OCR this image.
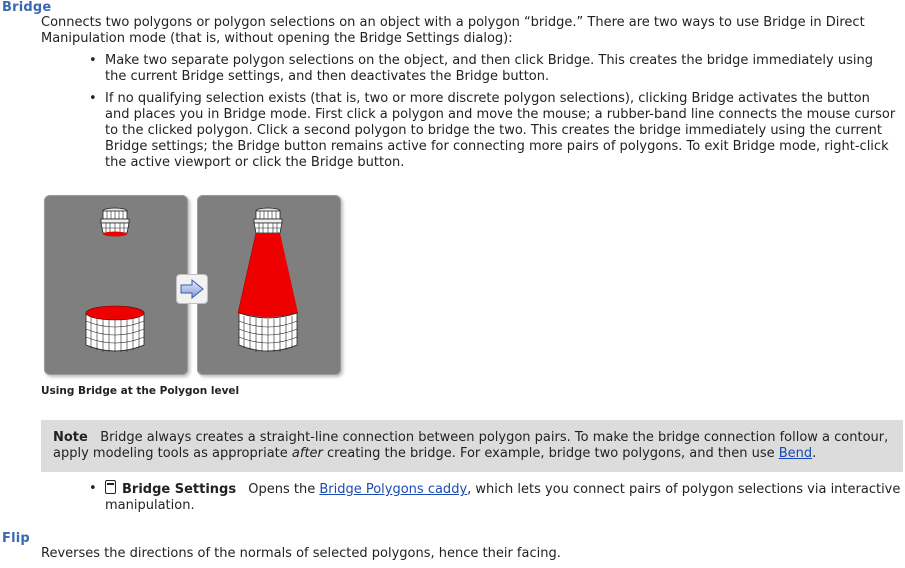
Bridge
Connects two polygons or polygon selections on an object with a polygon “bridge.” There are two ways to use Bridge in Direct Manipulation mode (that is, without opening the Bridge Settings dialog):
• Make two separate polygon selections on the object, and then click Bridge. This creates the bridge immediately using the current Bridge settings, and then deactivates the Bridge button.
• If no qualifying selection exists (that is, two or more discrete polygon selections), clicking Bridge activates the button and places you in Bridge mode. First click a polygon and move the mouse; a rubber-band line connects the mouse cursor to the clicked polygon. Click a second polygon to bridge the two. This creates the bridge immediately using the current Bridge settings; the Bridge button remains active for connecting more pairs of polygons. To exit Bridge mode, right-click the active viewport or click the Bridge button.
Using Bridge at the Polygon level
Note Bridge always creates a straight-line connection between polygon pairs. To make the bridge connection follow a contour, apply modeling tools as appropriate after creating the bridge. For example, bridge two polygons, and then use Bend.
• Bridge Settings Opens the Bridge Polygons caddy, which lets you connect pairs of polygon selections via interactive manipulation.
Flip
Reverses the directions of the normals of selected polygons, hence their facing.
